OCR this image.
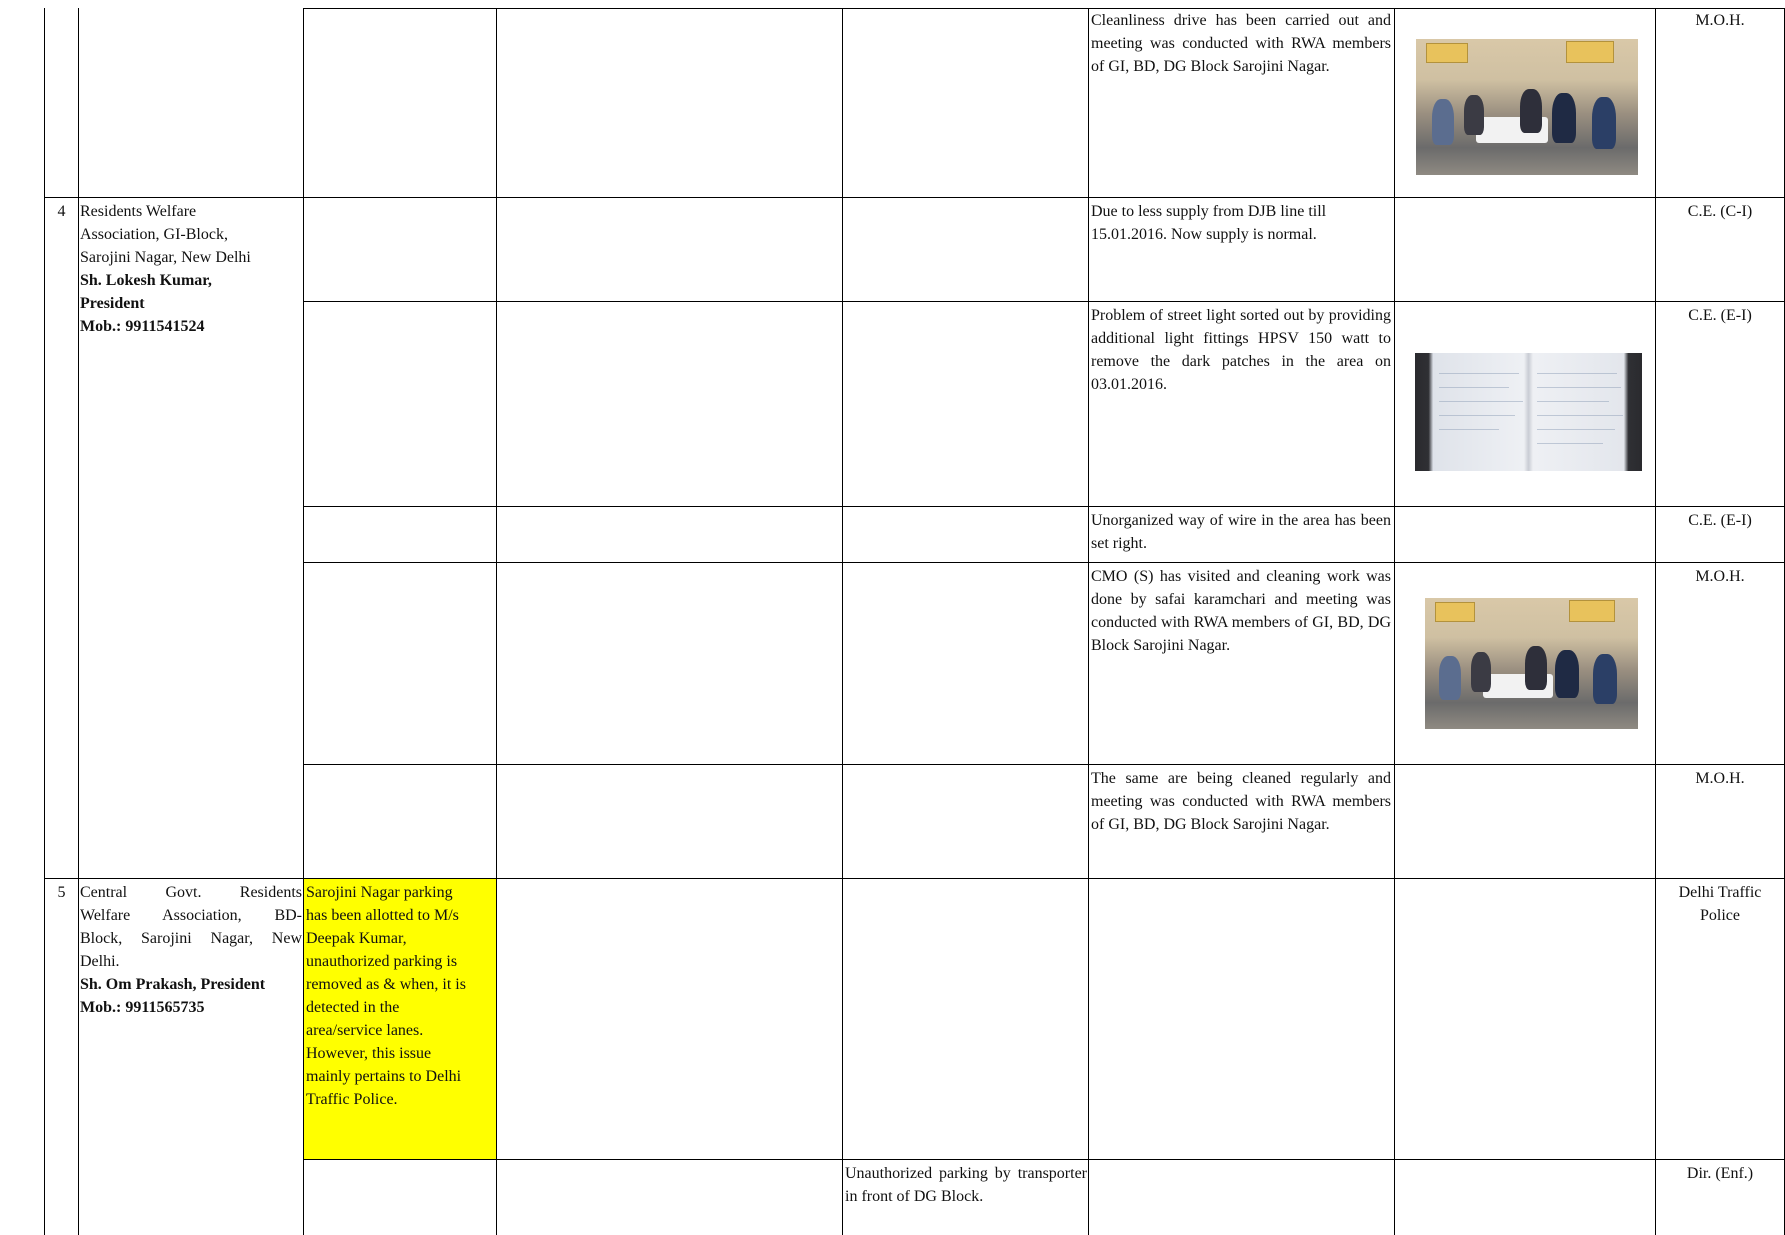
Cleanliness drive has been carried out and meeting was conducted with RWA members of GI, BD, DG Block Sarojini Nagar.
M.O.H.
4 Residents Welfare
Association, GI-Block,
Sarojini Nagar, New Delhi
Sh. Lokesh Kumar,
President
Mob.: 9911541524
Due to less supply from DJB line till
15.01.2016. Now supply is normal.
C.E. (C-I)
Problem of street light sorted out by providing additional light fittings HPSV 150 watt to remove the dark patches in the area on 03.01.2016.
C.E. (E-I)
Unorganized way of wire in the area has been set right.
C.E. (E-I)
CMO (S) has visited and cleaning work was done by safai karamchari and meeting was conducted with RWA members of GI, BD, DG Block Sarojini Nagar.
M.O.H.
The same are being cleaned regularly and meeting was conducted with RWA members of GI, BD, DG Block Sarojini Nagar.
M.O.H.
5 Central Govt. Residents
Welfare Association, BD-
Block, Sarojini Nagar, New
Delhi.
Sh. Om Prakash, President
Mob.: 9911565735
Sarojini Nagar parking
has been allotted to M/s
Deepak Kumar,
unauthorized parking is
removed as & when, it is
detected in the
area/service lanes.
However, this issue
mainly pertains to Delhi
Traffic Police.
Delhi Traffic
Police
Unauthorized parking by transporter in front of DG Block.
Dir. (Enf.)
